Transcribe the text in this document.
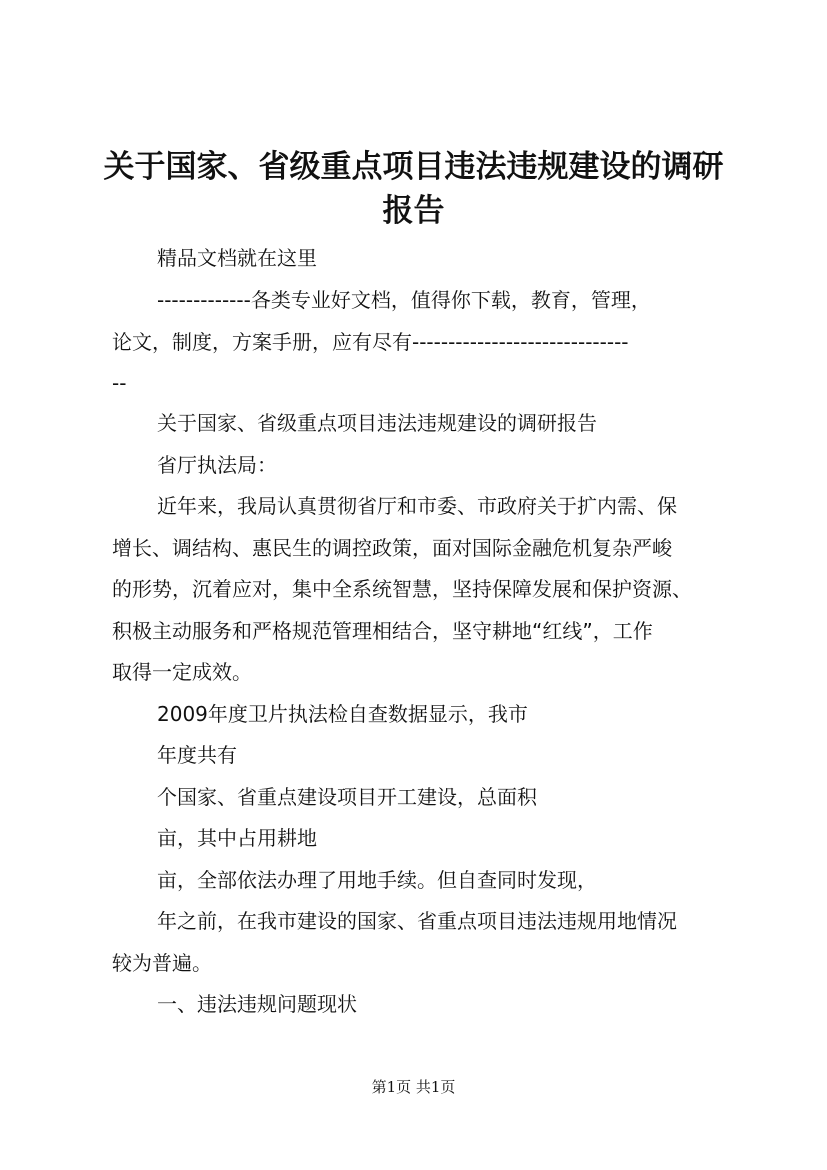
关于国家、省级重点项目违法违规建设的调研
报告

精品文档就在这里

-------------各类专业好文档，值得你下载，教育，管理，

论文，制度，方案手册，应有尽有------------------------------

--

关于国家、省级重点项目违法违规建设的调研报告

省厅执法局：

近年来，我局认真贯彻省厅和市委、市政府关于扩内需、保

增长、调结构、惠民生的调控政策，面对国际金融危机复杂严峻

的形势，沉着应对，集中全系统智慧，坚持保障发展和保护资源、

积极主动服务和严格规范管理相结合，坚守耕地“红线”，工作

取得一定成效。

2009年度卫片执法检自查数据显示，我市

年度共有

个国家、省重点建设项目开工建设，总面积

亩，其中占用耕地

亩，全部依法办理了用地手续。但自查同时发现，

年之前，在我市建设的国家、省重点项目违法违规用地情况

较为普遍。

一、违法违规问题现状

第1页 共1页
